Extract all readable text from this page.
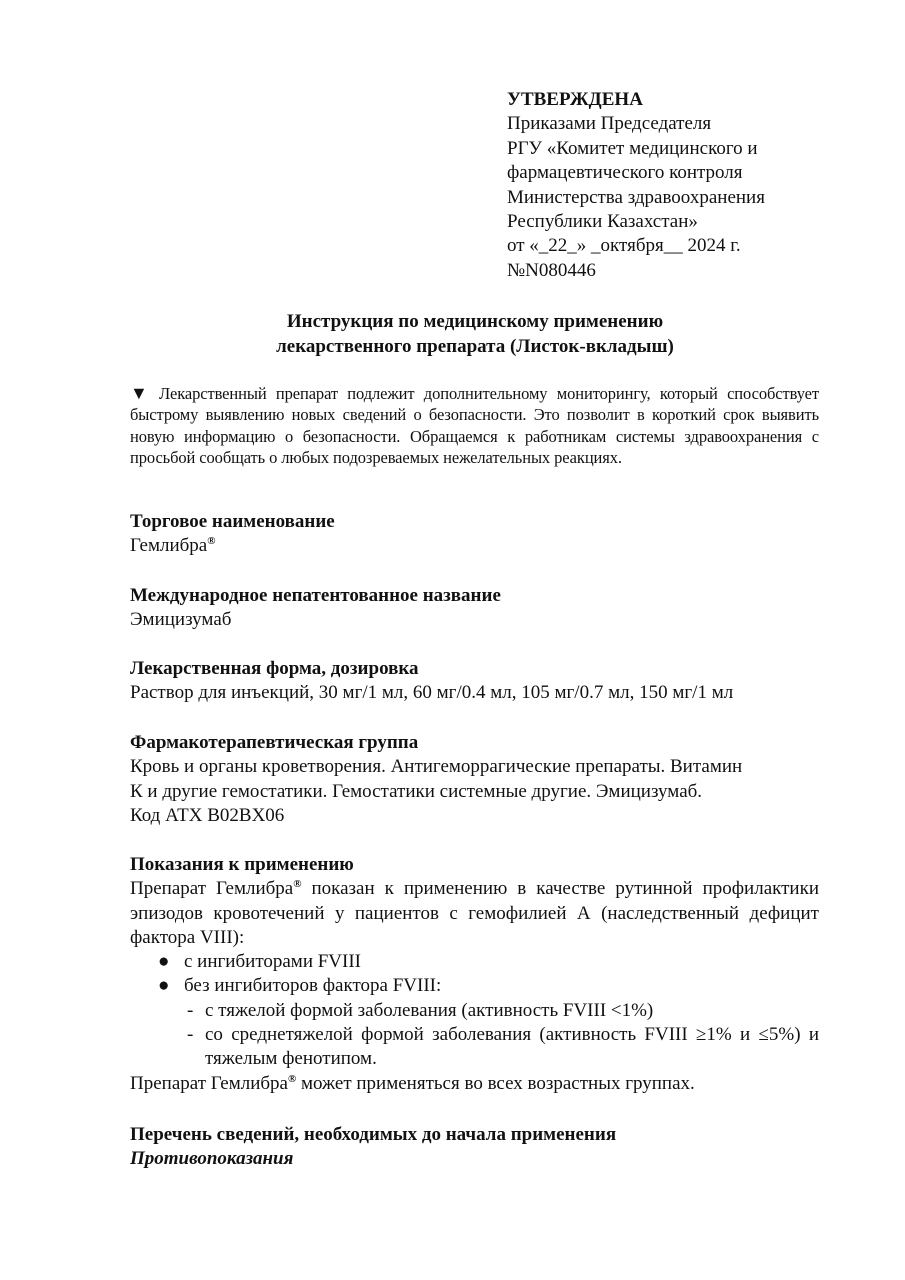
УТВЕРЖДЕНА
Приказами Председателя
РГУ «Комитет медицинского и
фармацевтического контроля
Министерства здравоохранения
Республики Казахстан»
от «_22_» _октября__ 2024 г.
№N080446
Инструкция по медицинскому применению
лекарственного препарата (Листок-вкладыш)
▼ Лекарственный препарат подлежит дополнительному мониторингу, который способствует быстрому выявлению новых сведений о безопасности. Это позволит в короткий срок выявить новую информацию о безопасности. Обращаемся к работникам системы здравоохранения с просьбой сообщать о любых подозреваемых нежелательных реакциях.
Торговое наименование
Гемлибра®
Международное непатентованное название
Эмицизумаб
Лекарственная форма, дозировка
Раствор для инъекций, 30 мг/1 мл, 60 мг/0.4 мл, 105 мг/0.7 мл, 150 мг/1 мл
Фармакотерапевтическая группа
Кровь и органы кроветворения. Антигеморрагические препараты. Витамин
К и другие гемостатики. Гемостатики системные другие. Эмицизумаб.
Код АТХ B02BX06
Показания к применению
Препарат Гемлибра® показан к применению в качестве рутинной профилактики эпизодов кровотечений у пациентов с гемофилией А (наследственный дефицит фактора VIII):
● с ингибиторами FVIII
● без ингибиторов фактора FVIII:
- с тяжелой формой заболевания (активность FVIII <1%)
- со среднетяжелой формой заболевания (активность FVIII ≥1% и ≤5%) и тяжелым фенотипом.
Препарат Гемлибра® может применяться во всех возрастных группах.
Перечень сведений, необходимых до начала применения
Противопоказания
